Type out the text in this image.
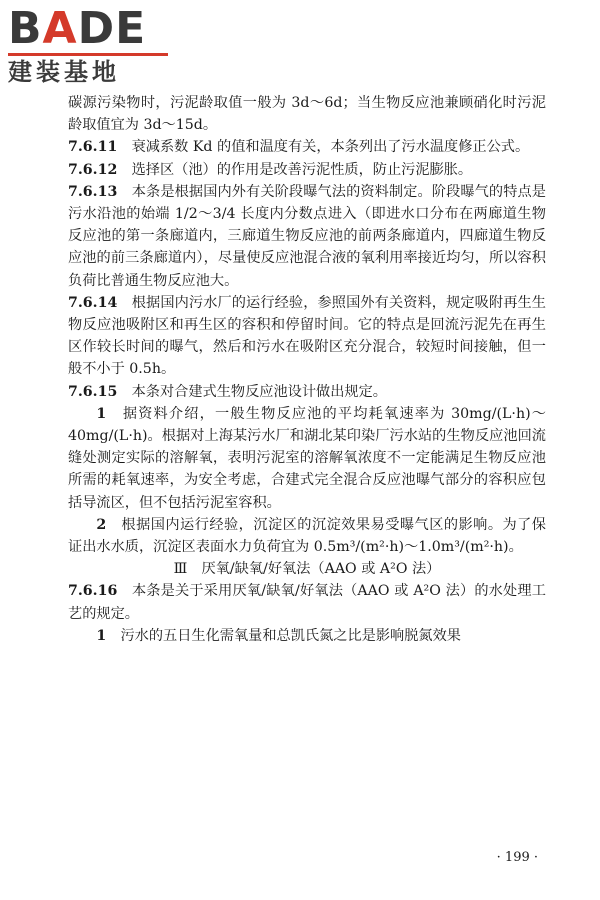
BADE
建装基地

碳源污染物时，污泥龄取值一般为 3d～6d；当生物反应池兼顾硝化时污泥龄取值宜为 3d～15d。

7.6.11　 衰减系数 Kd 的值和温度有关，本条列出了污水温度修正公式。

7.6.12　 选择区（池）的作用是改善污泥性质，防止污泥膨胀。

7.6.13　 本条是根据国内外有关阶段曝气法的资料制定。阶段曝气的特点是污水沿池的始端 1/2～3/4 长度内分数点进入（即进水口分布在两廊道生物反应池的第一条廊道内，三廊道生物反应池的前两条廊道内，四廊道生物反应池的前三条廊道内），尽量使反应池混合液的氧利用率接近均匀，所以容积负荷比普通生物反应池大。

7.6.14　 根据国内污水厂的运行经验，参照国外有关资料，规定吸附再生生物反应池吸附区和再生区的容积和停留时间。它的特点是回流污泥先在再生区作较长时间的曝气，然后和污水在吸附区充分混合，较短时间接触，但一般不小于 0.5h。

7.6.15　 本条对合建式生物反应池设计做出规定。

1　 据资料介绍，一般生物反应池的平均耗氧速率为 30mg/(L·h)～40mg/(L·h)。根据对上海某污水厂和湖北某印染厂污水站的生物反应池回流缝处测定实际的溶解氧，表明污泥室的溶解氧浓度不一定能满足生物反应池所需的耗氧速率，为安全考虑，合建式完全混合反应池曝气部分的容积应包括导流区，但不包括污泥室容积。

2　 根据国内运行经验，沉淀区的沉淀效果易受曝气区的影响。为了保证出水水质，沉淀区表面水力负荷宜为 0.5m³/(m²·h)～1.0m³/(m²·h)。

Ⅲ　厌氧/缺氧/好氧法（AAO 或 A²O 法）

7.6.16　 本条是关于采用厌氧/缺氧/好氧法（AAO 或 A²O 法）的水处理工艺的规定。

1　 污水的五日生化需氧量和总凯氏氮之比是影响脱氮效果

· 199 ·
